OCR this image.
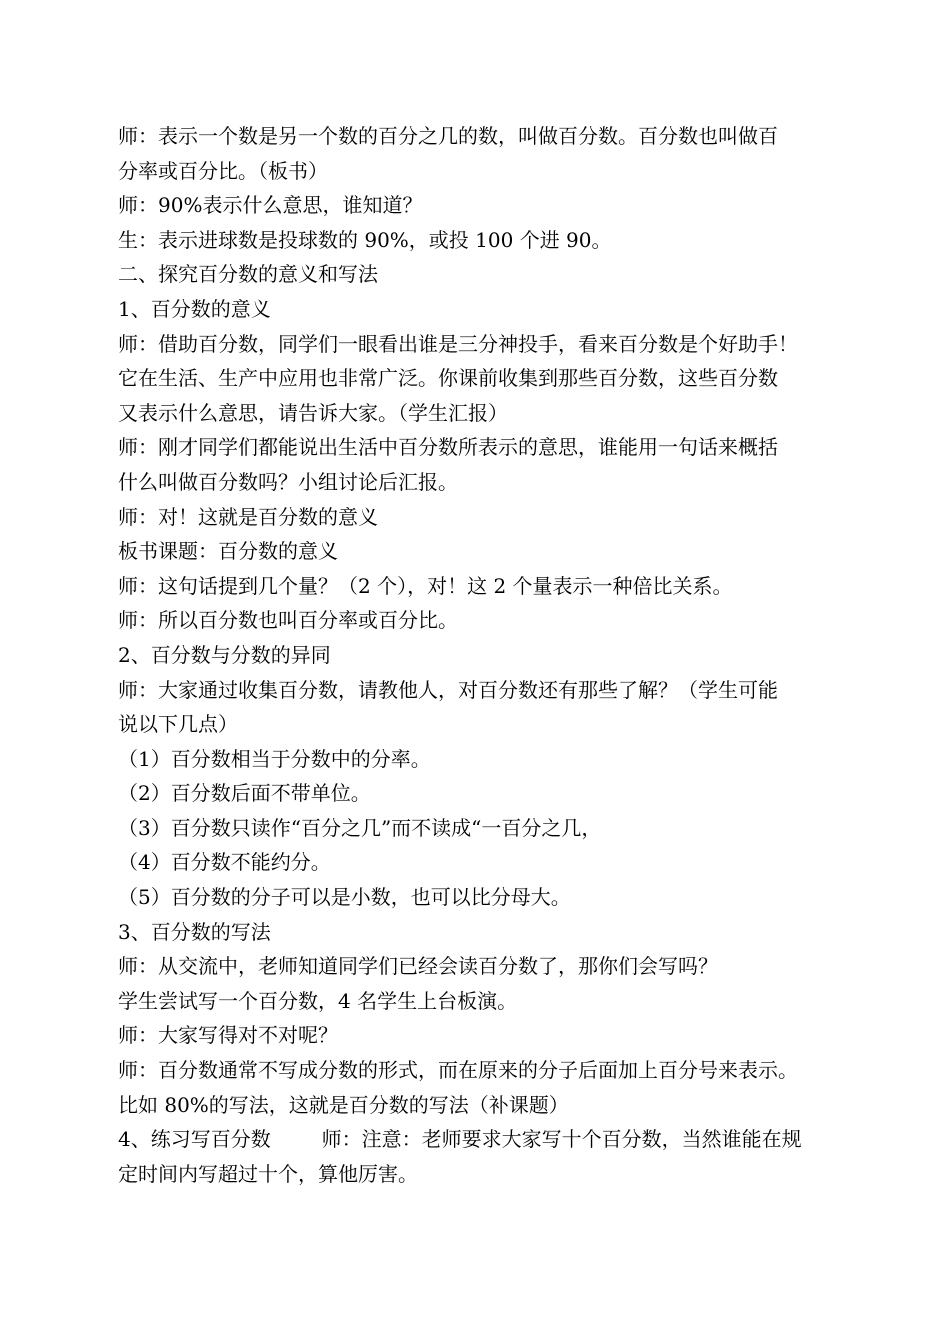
师：表示一个数是另一个数的百分之几的数，叫做百分数。百分数也叫做百
分率或百分比。（板书）
师：90%表示什么意思，谁知道？
生：表示进球数是投球数的 90%，或投 100 个进 90。
二、探究百分数的意义和写法
1、百分数的意义
师：借助百分数，同学们一眼看出谁是三分神投手，看来百分数是个好助手！
它在生活、生产中应用也非常广泛。你课前收集到那些百分数，这些百分数
又表示什么意思，请告诉大家。（学生汇报）
师：刚才同学们都能说出生活中百分数所表示的意思，谁能用一句话来概括
什么叫做百分数吗？小组讨论后汇报。
师：对！这就是百分数的意义
板书课题：百分数的意义
师：这句话提到几个量？（2 个），对！这 2 个量表示一种倍比关系。
师：所以百分数也叫百分率或百分比。
2、百分数与分数的异同
师：大家通过收集百分数，请教他人，对百分数还有那些了解？（学生可能
说以下几点）
（1）百分数相当于分数中的分率。
（2）百分数后面不带单位。
（3）百分数只读作“百分之几”而不读成“一百分之几，
（4）百分数不能约分。
（5）百分数的分子可以是小数，也可以比分母大。
3、百分数的写法
师：从交流中，老师知道同学们已经会读百分数了，那你们会写吗？
学生尝试写一个百分数，4 名学生上台板演。
师：大家写得对不对呢？
师：百分数通常不写成分数的形式，而在原来的分子后面加上百分号来表示。
比如 80%的写法，这就是百分数的写法（补课题）
4、练习写百分数        师：注意：老师要求大家写十个百分数，当然谁能在规
定时间内写超过十个，算他厉害。
